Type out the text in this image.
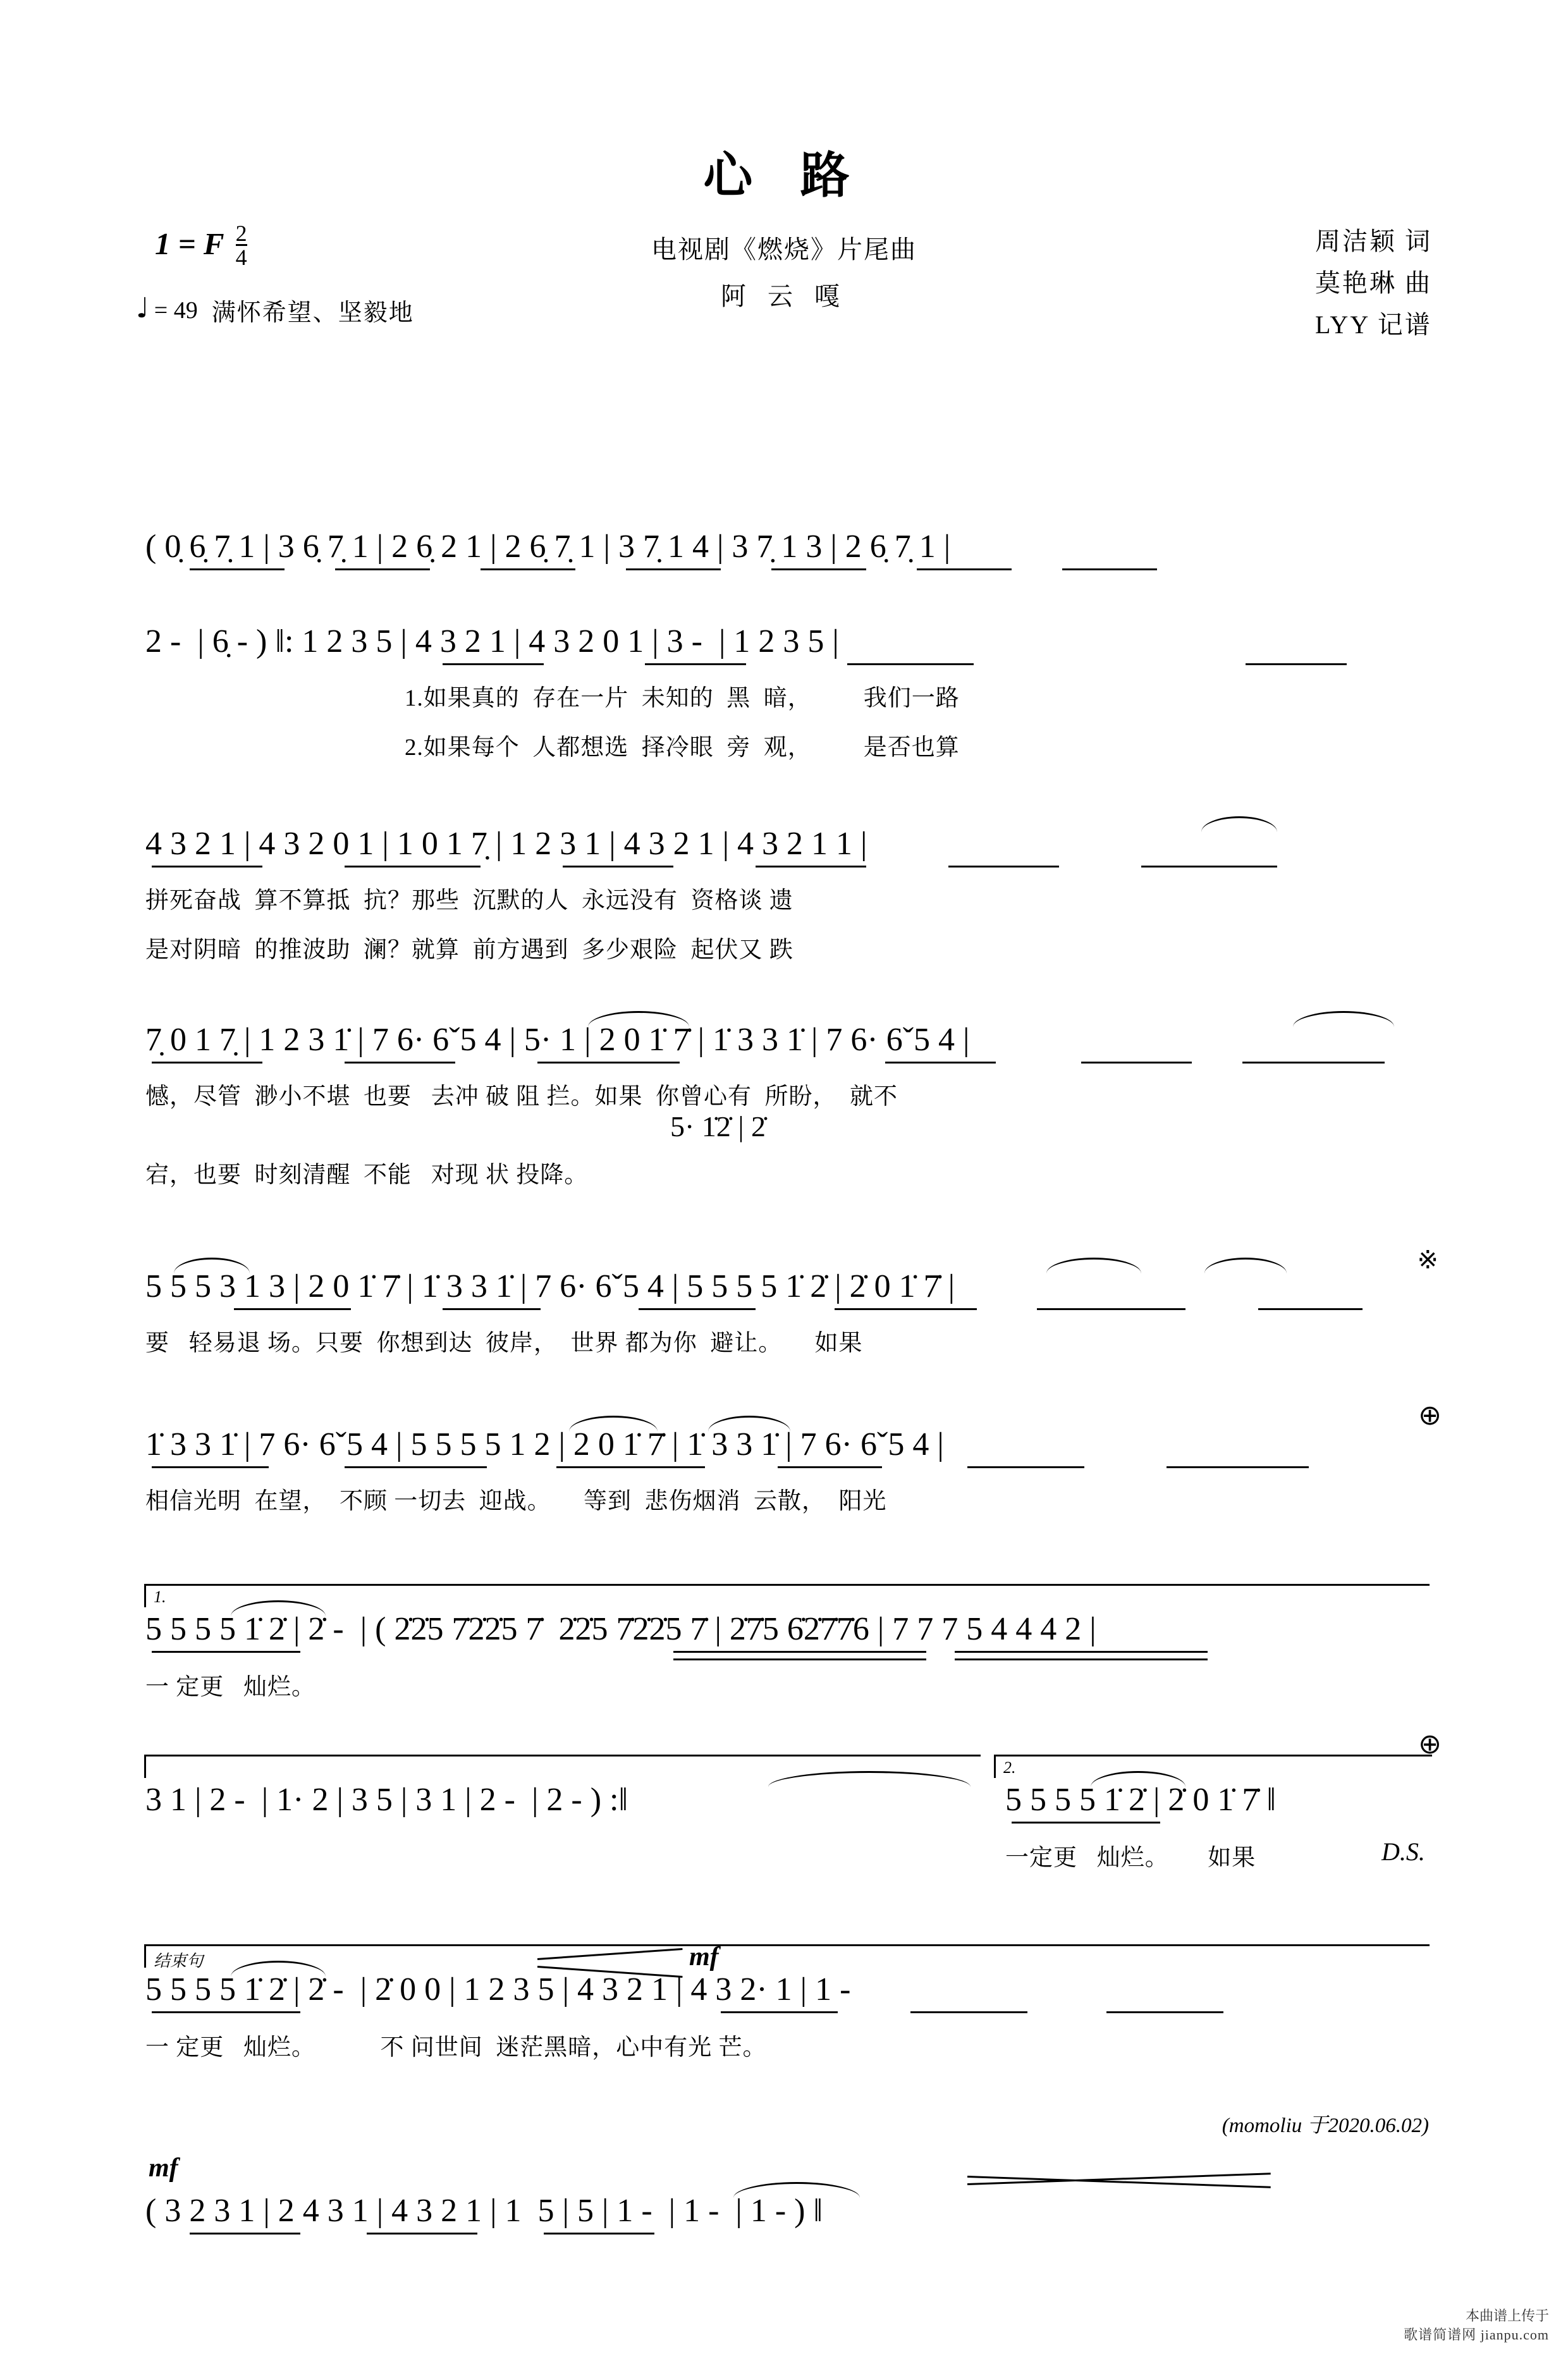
心 路
1 = F $\frac{2}{4}$	电视剧《燃烧》片尾曲
阿 云 嘎
周洁颖 词
莫艳琳 曲
LYY 记谱
♩ = 49 满怀希望、坚毅地
( 0̣ 6̣ 7̣ 1 | 3 6̣ 7̣ 1 | 2 6̣ 2 1 | 2 6̣ 7̣ 1 | 3 7̣ 1 4 | 3 7̣ 1 3 | 2 6̣ 7̣ 1 |
2 -  | 6̣ - ) ‖: 1 2 3 5 | 4 3 2 1 | 4 3 2 0 1 | 3 -  | 1 2 3 5 |
1.如果真的  存在一片  未知的  黑  暗，        我们一路
2.如果每个  人都想选  择冷眼  旁  观，        是否也算
4 3 2 1 | 4 3 2 0 1 | 1 0 1 7̣ | 1 2 3 1 | 4 3 2 1 | 4 3 2 1 1 |
拼死奋战  算不算抵  抗？那些  沉默的人  永远没有  资格谈 遗
是对阴暗  的推波助  澜？就算  前方遇到  多少艰险  起伏又 跌
7̣ 0 1 7̣ | 1 2 3 1̇ | 7 6· 6ˇ5 4 | 5· 1 | 2 0 1̇ 7̇ | 1̇ 3 3 1̇ | 7 6· 6ˇ5 4 |
憾，尽管  渺小不堪  也要   去冲 破 阻 拦。如果  你曾心有  所盼，  就不
5· 1̇2̇ | 2̇
宕，也要  时刻清醒  不能   对现 状 投降。
5 5 5 3 1 3 | 2 0 1̇ 7̇ | 1̇ 3 3 1̇ | 7 6· 6ˇ5 4 | 5 5 5 5 1̇ 2̇ | 2̇ 0 1̇ 7̇ |
要   轻易退 场。只要  你想到达  彼岸，  世界 都为你  避让。     如果
※
1̇ 3 3 1̇ | 7 6· 6ˇ5 4 | 5 5 5 5 1 2 | 2 0 1̇ 7̇ | 1̇ 3 3 1̇ | 7 6· 6ˇ5 4 |
相信光明  在望，  不顾 一切去  迎战。     等到  悲伤烟消  云散，  阳光
⊕
1.
5 5 5 5 1̇ 2̇ | 2̇ -  | ( 2̇2̇5 7̇2̇2̇5 7̇  2̇2̇5 7̇2̇2̇5 7̇ | 2̇7̇5 6̇2̇7̇7̇6 | 7 7 7 5 4 4 4 2 |
一 定更   灿烂。
3 1 | 2 -  | 1· 2 | 3 5 | 3 1 | 2 -  | 2 - ) :‖
2.
5 5 5 5 1̇ 2̇ | 2̇ 0 1̇ 7̇ ‖
一定更   灿烂。      如果	D.S.
⊕
结束句
5 5 5 5 1̇ 2̇ | 2̇ -  | 2̇ 0 0 | 1 2 3 5 | 4 3 2 1 | 4 3 2· 1 | 1 -
一 定更   灿烂。          不 问世间  迷茫黑暗，心中有光 芒。
mf
(momoliu 于2020.06.02)
mf
( 3 2 3 1 | 2 4 3 1 | 4 3 2 1 | 1  5 | 5 | 1 -  | 1 -  | 1 - ) ‖
本曲谱上传于
歌谱简谱网 jianpu.com
